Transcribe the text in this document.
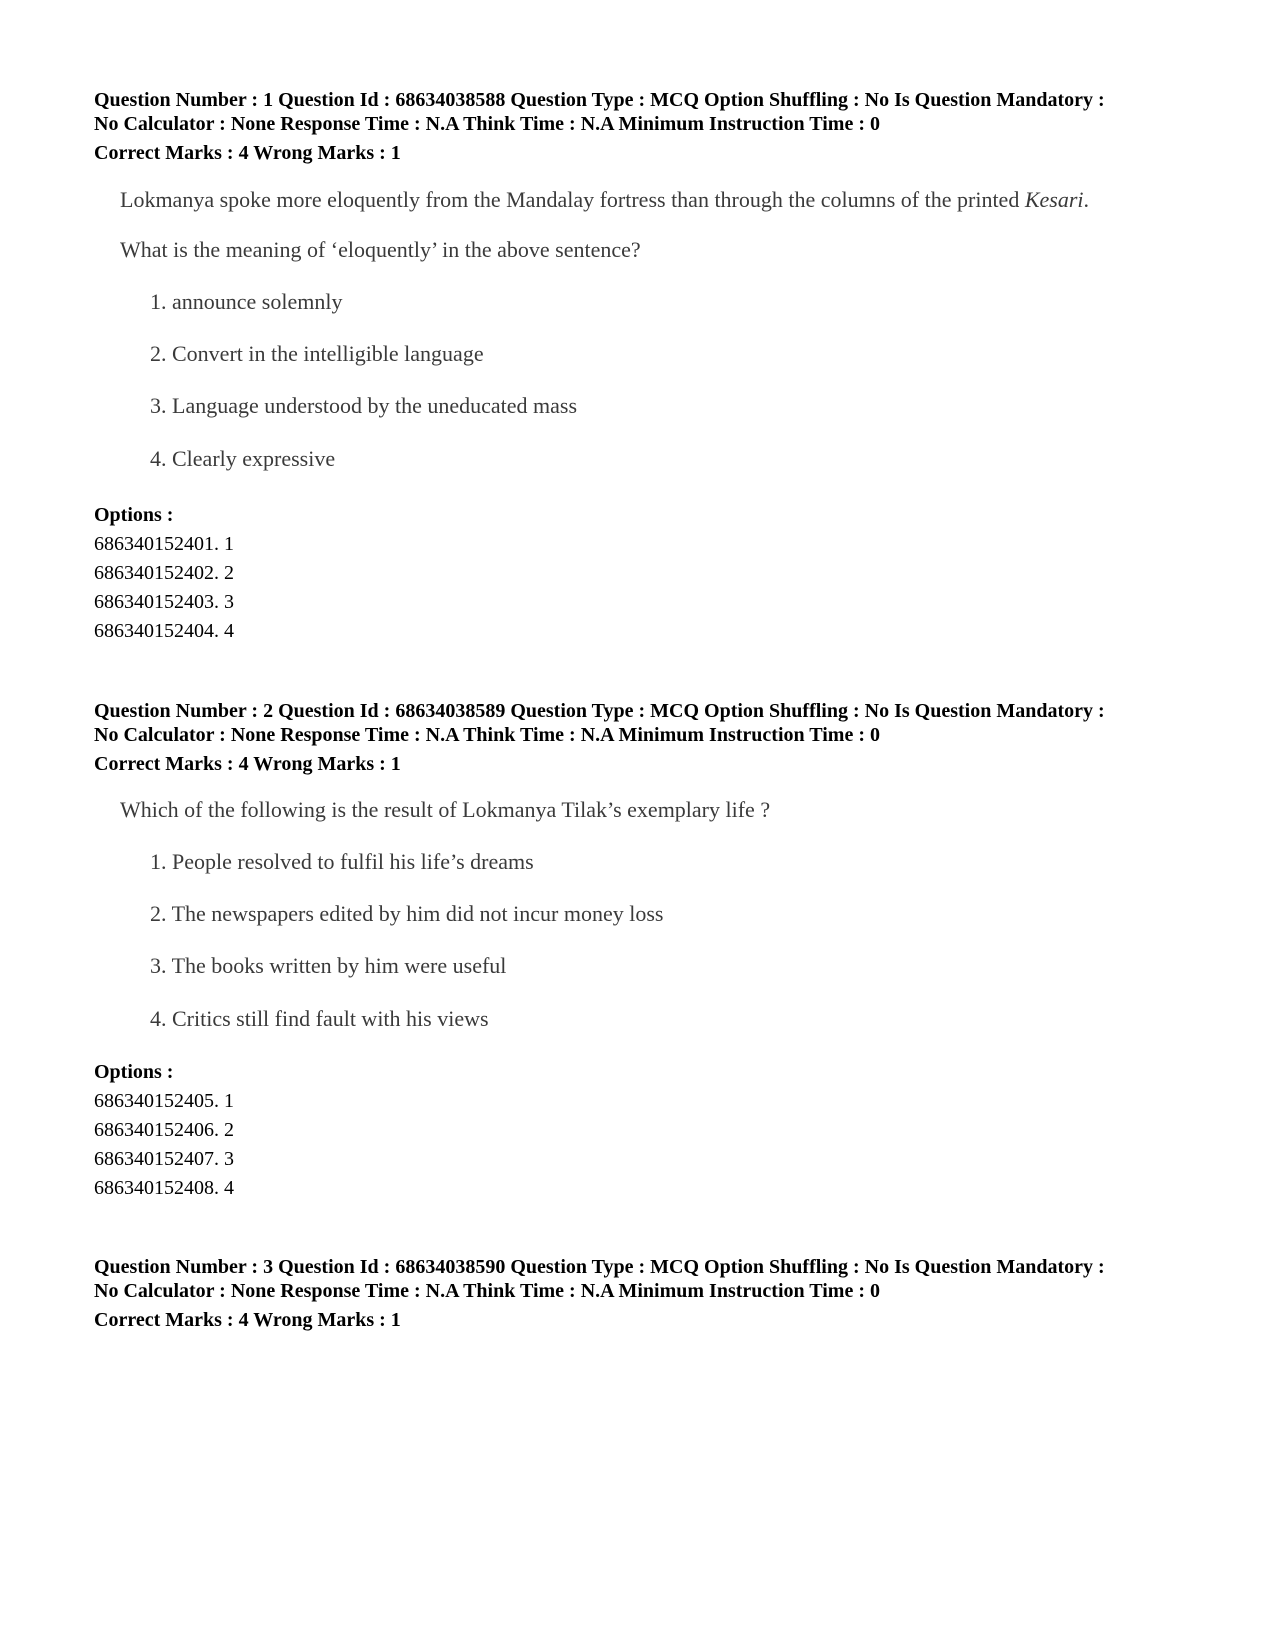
Question Number : 1 Question Id : 68634038588 Question Type : MCQ Option Shuffling : No Is Question Mandatory :
No Calculator : None Response Time : N.A Think Time : N.A Minimum Instruction Time : 0
Correct Marks : 4 Wrong Marks : 1
Lokmanya spoke more eloquently from the Mandalay fortress than through the columns of the printed Kesari.
What is the meaning of ‘eloquently’ in the above sentence?
1. announce solemnly
2. Convert in the intelligible language
3. Language understood by the uneducated mass
4. Clearly expressive
Options :
686340152401. 1
686340152402. 2
686340152403. 3
686340152404. 4
Question Number : 2 Question Id : 68634038589 Question Type : MCQ Option Shuffling : No Is Question Mandatory :
No Calculator : None Response Time : N.A Think Time : N.A Minimum Instruction Time : 0
Correct Marks : 4 Wrong Marks : 1
Which of the following is the result of Lokmanya Tilak’s exemplary life ?
1. People resolved to fulfil his life’s dreams
2. The newspapers edited by him did not incur money loss
3. The books written by him were useful
4. Critics still find fault with his views
Options :
686340152405. 1
686340152406. 2
686340152407. 3
686340152408. 4
Question Number : 3 Question Id : 68634038590 Question Type : MCQ Option Shuffling : No Is Question Mandatory :
No Calculator : None Response Time : N.A Think Time : N.A Minimum Instruction Time : 0
Correct Marks : 4 Wrong Marks : 1
